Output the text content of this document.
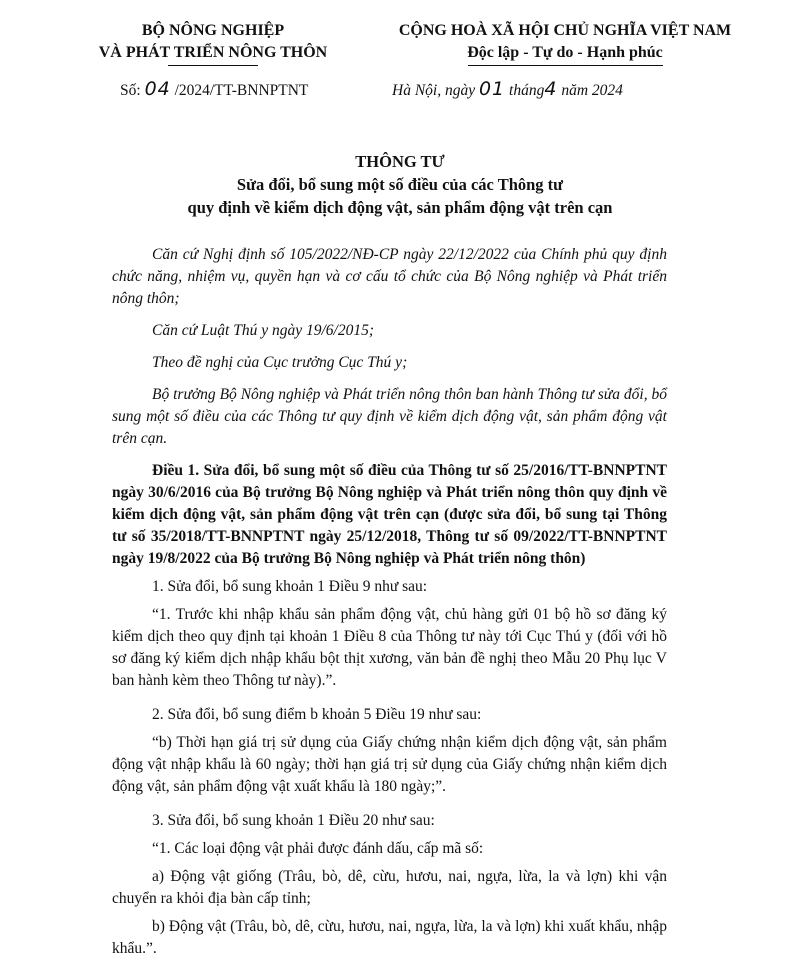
BỘ NÔNG NGHIỆP
VÀ PHÁT TRIỂN NÔNG THÔN
CỘNG HOÀ XÃ HỘI CHỦ NGHĨA VIỆT NAM
Độc lập - Tự do - Hạnh phúc
Số: 04 /2024/TT-BNNPTNT	Hà Nội, ngày 01 tháng4 năm 2024
THÔNG TƯ
Sửa đổi, bổ sung một số điều của các Thông tư
quy định về kiểm dịch động vật, sản phẩm động vật trên cạn

Căn cứ Nghị định số 105/2022/NĐ-CP ngày 22/12/2022 của Chính phủ quy định chức năng, nhiệm vụ, quyền hạn và cơ cấu tổ chức của Bộ Nông nghiệp và Phát triển nông thôn;

Căn cứ Luật Thú y ngày 19/6/2015;

Theo đề nghị của Cục trưởng Cục Thú y;

Bộ trưởng Bộ Nông nghiệp và Phát triển nông thôn ban hành Thông tư sửa đổi, bổ sung một số điều của các Thông tư quy định về kiểm dịch động vật, sản phẩm động vật trên cạn.

Điều 1. Sửa đổi, bổ sung một số điều của Thông tư số 25/2016/TT-BNNPTNT ngày 30/6/2016 của Bộ trưởng Bộ Nông nghiệp và Phát triển nông thôn quy định về kiểm dịch động vật, sản phẩm động vật trên cạn (được sửa đổi, bổ sung tại Thông tư số 35/2018/TT-BNNPTNT ngày 25/12/2018, Thông tư số 09/2022/TT-BNNPTNT ngày 19/8/2022 của Bộ trưởng Bộ Nông nghiệp và Phát triển nông thôn)

1. Sửa đổi, bổ sung khoản 1 Điều 9 như sau:

“1. Trước khi nhập khẩu sản phẩm động vật, chủ hàng gửi 01 bộ hồ sơ đăng ký kiểm dịch theo quy định tại khoản 1 Điều 8 của Thông tư này tới Cục Thú y (đối với hồ sơ đăng ký kiểm dịch nhập khẩu bột thịt xương, văn bản đề nghị theo Mẫu 20 Phụ lục V ban hành kèm theo Thông tư này).”.

2. Sửa đổi, bổ sung điểm b khoản 5 Điều 19 như sau:

“b) Thời hạn giá trị sử dụng của Giấy chứng nhận kiểm dịch động vật, sản phẩm động vật nhập khẩu là 60 ngày; thời hạn giá trị sử dụng của Giấy chứng nhận kiểm dịch động vật, sản phẩm động vật xuất khẩu là 180 ngày;”.

3. Sửa đổi, bổ sung khoản 1 Điều 20 như sau:

“1. Các loại động vật phải được đánh dấu, cấp mã số:

a) Động vật giống (Trâu, bò, dê, cừu, hươu, nai, ngựa, lừa, la và lợn) khi vận chuyển ra khỏi địa bàn cấp tỉnh;

b) Động vật (Trâu, bò, dê, cừu, hươu, nai, ngựa, lừa, la và lợn) khi xuất khẩu, nhập khẩu.”.
